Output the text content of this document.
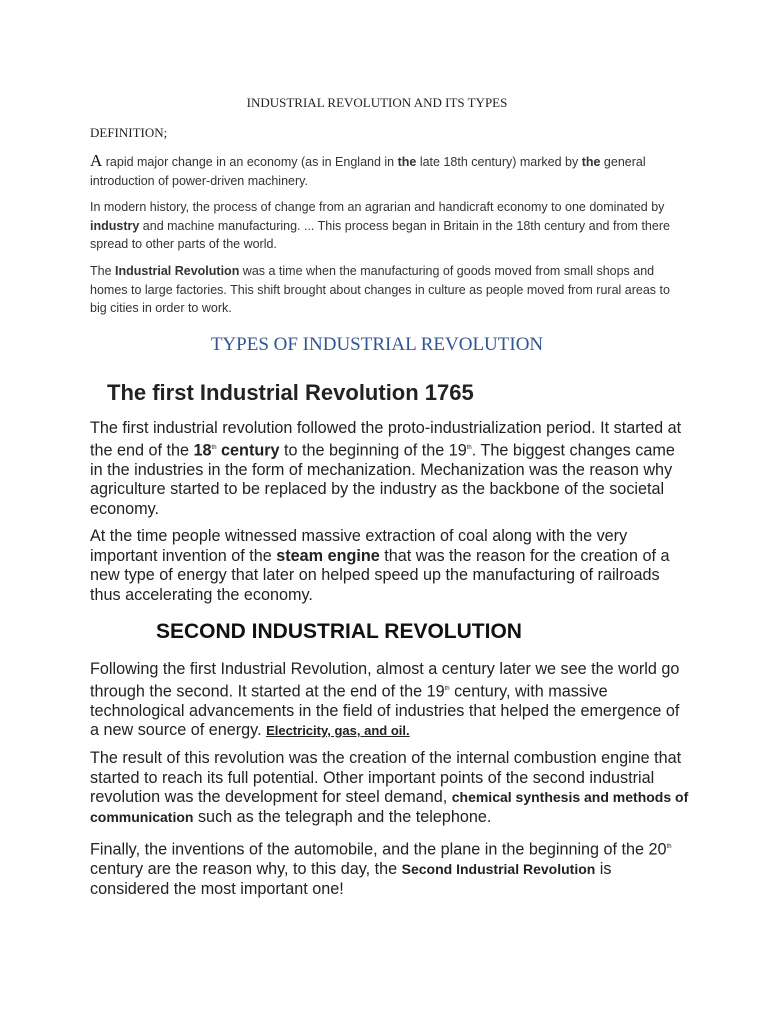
INDUSTRIAL REVOLUTION AND ITS TYPES
DEFINITION;
A rapid major change in an economy (as in England in the late 18th century) marked by the general introduction of power-driven machinery.
In modern history, the process of change from an agrarian and handicraft economy to one dominated by industry and machine manufacturing. ... This process began in Britain in the 18th century and from there spread to other parts of the world.
The Industrial Revolution was a time when the manufacturing of goods moved from small shops and homes to large factories. This shift brought about changes in culture as people moved from rural areas to big cities in order to work.
TYPES OF INDUSTRIAL REVOLUTION
The first Industrial Revolution 1765
The first industrial revolution followed the proto-industrialization period. It started at the end of the 18th century to the beginning of the 19th. The biggest changes came in the industries in the form of mechanization. Mechanization was the reason why agriculture started to be replaced by the industry as the backbone of the societal economy.
At the time people witnessed massive extraction of coal along with the very important invention of the steam engine that was the reason for the creation of a new type of energy that later on helped speed up the manufacturing of railroads thus accelerating the economy.
SECOND INDUSTRIAL REVOLUTION
Following the first Industrial Revolution, almost a century later we see the world go through the second. It started at the end of the 19th century, with massive technological advancements in the field of industries that helped the emergence of a new source of energy. Electricity, gas, and oil.
The result of this revolution was the creation of the internal combustion engine that started to reach its full potential. Other important points of the second industrial revolution was the development for steel demand, chemical synthesis and methods of communication such as the telegraph and the telephone.
Finally, the inventions of the automobile, and the plane in the beginning of the 20th century are the reason why, to this day, the Second Industrial Revolution is considered the most important one!
